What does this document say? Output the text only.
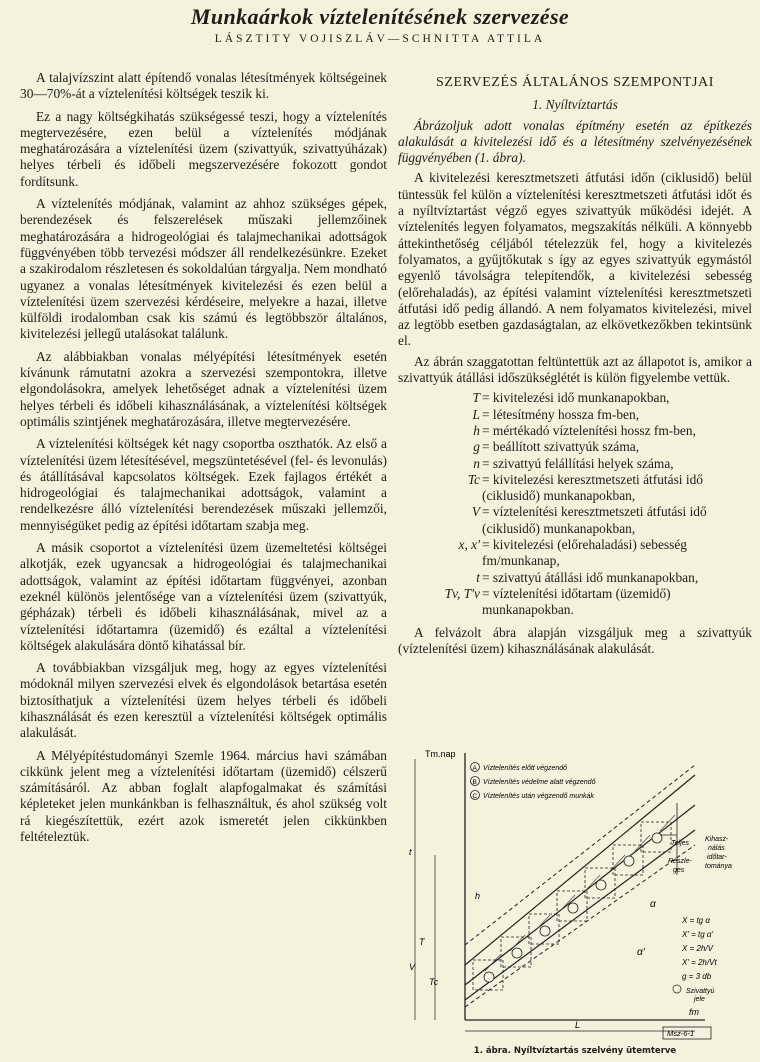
Munkaárkok víztelenítésének szervezése
LÁSZTITY VOJISZLÁV—SCHNITTA ATTILA

A talajvízszint alatt építendő vonalas létesítmények költségeinek 30—70%-át a víztelenítési költségek teszik ki.

Ez a nagy költségkihatás szükségessé teszi, hogy a víztelenítés megtervezésére, ezen belül a víztelenítés módjának meghatározására a víztelenítési üzem (szivattyúk, szivattyúházak) helyes térbeli és időbeli megszervezésére fokozott gondot fordítsunk.

A víztelenítés módjának, valamint az ahhoz szükséges gépek, berendezések és felszerelések műszaki jellemzőinek meghatározására a hidrogeológiai és talajmechanikai adottságok függvényében több tervezési módszer áll rendelkezésünkre. Ezeket a szakirodalom részletesen és sokoldalúan tárgyalja. Nem mondható ugyanez a vonalas létesítmények kivitelezési és ezen belül a víztelenítési üzem szervezési kérdéseire, melyekre a hazai, illetve külföldi irodalomban csak kis számú és legtöbbször általános, kivitelezési jellegű utalásokat találunk.

Az alábbiakban vonalas mélyépítési létesítmények esetén kívánunk rámutatni azokra a szervezési szempontokra, illetve elgondolásokra, amelyek lehetőséget adnak a víztelenítési üzem helyes térbeli és időbeli kihasználásának, a víztelenítési költségek optimális szintjének meghatározására, illetve megtervezésére.

A víztelenítési költségek két nagy csoportba oszthatók. Az első a víztelenítési üzem létesítésével, megszüntetésével (fel- és levonulás) és átállításával kapcsolatos költségek. Ezek fajlagos értékét a hidrogeológiai és talajmechanikai adottságok, valamint a rendelkezésre álló víztelenítési berendezések műszaki jellemzői, mennyiségüket pedig az építési időtartam szabja meg.

A másik csoportot a víztelenítési üzem üzemeltetési költségei alkotják, ezek ugyancsak a hidrogeológiai és talajmechanikai adottságok, valamint az építési időtartam függvényei, azonban ezeknél különös jelentősége van a víztelenítési üzem (szivattyúk, gépházak) térbeli és időbeli kihasználásának, mivel az a víztelenítési időtartamra (üzemidő) és ezáltal a víztelenítési költségek alakulására döntő kihatással bír.

A továbbiakban vizsgáljuk meg, hogy az egyes víztelenítési módoknál milyen szervezési elvek és elgondolások betartása esetén biztosíthatjuk a víztelenítési üzem helyes térbeli és időbeli kihasználását és ezen keresztül a víztelenítési költségek optimális alakulását.

A Mélyépítéstudományi Szemle 1964. március havi számában cikkünk jelent meg a víztelenítési időtartam (üzemidő) célszerű számításáról. Az abban foglalt alapfogalmakat és számítási képleteket jelen munkánkban is felhasználtuk, és ahol szükség volt rá kiegészítettük, ezért azok ismeretét jelen cikkünkben feltételeztük.

SZERVEZÉS ÁLTALÁNOS SZEMPONTJAI
1. Nyíltvíztartás

Ábrázoljuk adott vonalas építmény esetén az építkezés alakulását a kivitelezési idő és a létesítmény szelvényezésének függvényében (1. ábra).

A kivitelezési keresztmetszeti átfutási időn (ciklusidő) belül tüntessük fel külön a víztelenítési keresztmetszeti átfutási időt és a nyíltvíztartást végző egyes szivattyúk működési idejét. A víztelenítés legyen folyamatos, megszakítás nélküli. A könnyebb áttekinthetőség céljából tételezzük fel, hogy a kivitelezés folyamatos, a gyűjtőkutak s így az egyes szivattyúk egymástól egyenlő távolságra telepítendők, a kivitelezési sebesség (előrehaladás), az építési valamint víztelenítési keresztmetszeti átfutási idő pedig állandó. A nem folyamatos kivitelezési, mivel az legtöbb esetben gazdaságtalan, az elkövetkezőkben tekintsünk el.

Az ábrán szaggatottan feltüntettük azt az állapotot is, amikor a szivattyúk átállási időszükséglétét is külön figyelembe vettük.

T = kivitelezési idő munkanapokban,
L = létesítmény hossza fm-ben,
h = mértékadó víztelenítési hossz fm-ben,
g = beállított szivattyúk száma,
n = szivattyú felállítási helyek száma,
Tc = kivitelezési keresztmetszeti átfutási idő (ciklusidő) munkanapokban,
V = víztelenítési keresztmetszeti átfutási idő (ciklusidő) munkanapokban,
x, x' = kivitelezési (előrehaladási) sebesség fm/munkanap,
t = szivattyú átállási idő munkanapokban,
Tv, T'v = víztelenítési időtartam (üzemidő) munkanapokban.

A felvázolt ábra alapján vizsgáljuk meg a szivattyúk (víztelenítési üzem) kihasználásának alakulását.

Tm.nap
fm
A Víztelenítés előtt végzendő
B Víztelenítés védelme alatt végzendő
C Víztelenítés után végzendő munkák
Teljes
Részle-
ges
Kihasz-
nálás
időtar-
tománya
X = tg α
X' = tg α'
X = 2h/V
X' = 2h/Vt
g = 3 db
Szivattyú
jele
α
α'
t
T
V
Tc
h
L
Msz-6-1
1. ábra. Nyíltvíztartás szelvény ütemterve
